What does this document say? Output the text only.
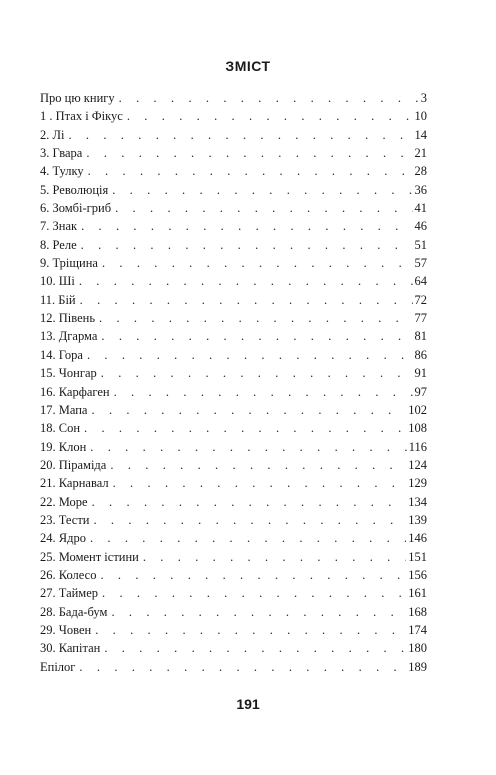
ЗМІСТ
Про цю книгу . . .	3
1 . Птах і Фікус . . .	10
2. Лі . . .	14
3. Гвара . . .	21
4. Тулку . . .	28
5. Революція . . .	36
6. Зомбі-гриб . . .	41
7. Знак . . .	46
8. Реле . . .	51
9. Тріщина . . .	57
10. Ші . . .	64
11. Бій . . .	72
12. Півень . . .	77
13. Дгарма . . .	81
14. Гора . . .	86
15. Чонгар . . .	91
16. Карфаген . . .	97
17. Мапа . . .	102
18. Сон . . .	108
19. Клон . . .	116
20. Піраміда . . .	124
21. Карнавал . . .	129
22. Море . . .	134
23. Тести . . .	139
24. Ядро . . .	146
25. Момент істини . . .	151
26. Колесо . . .	156
27. Таймер . . .	161
28. Бада-бум . . .	168
29. Човен . . .	174
30. Капітан . . .	180
Епілог . . .	189
191
